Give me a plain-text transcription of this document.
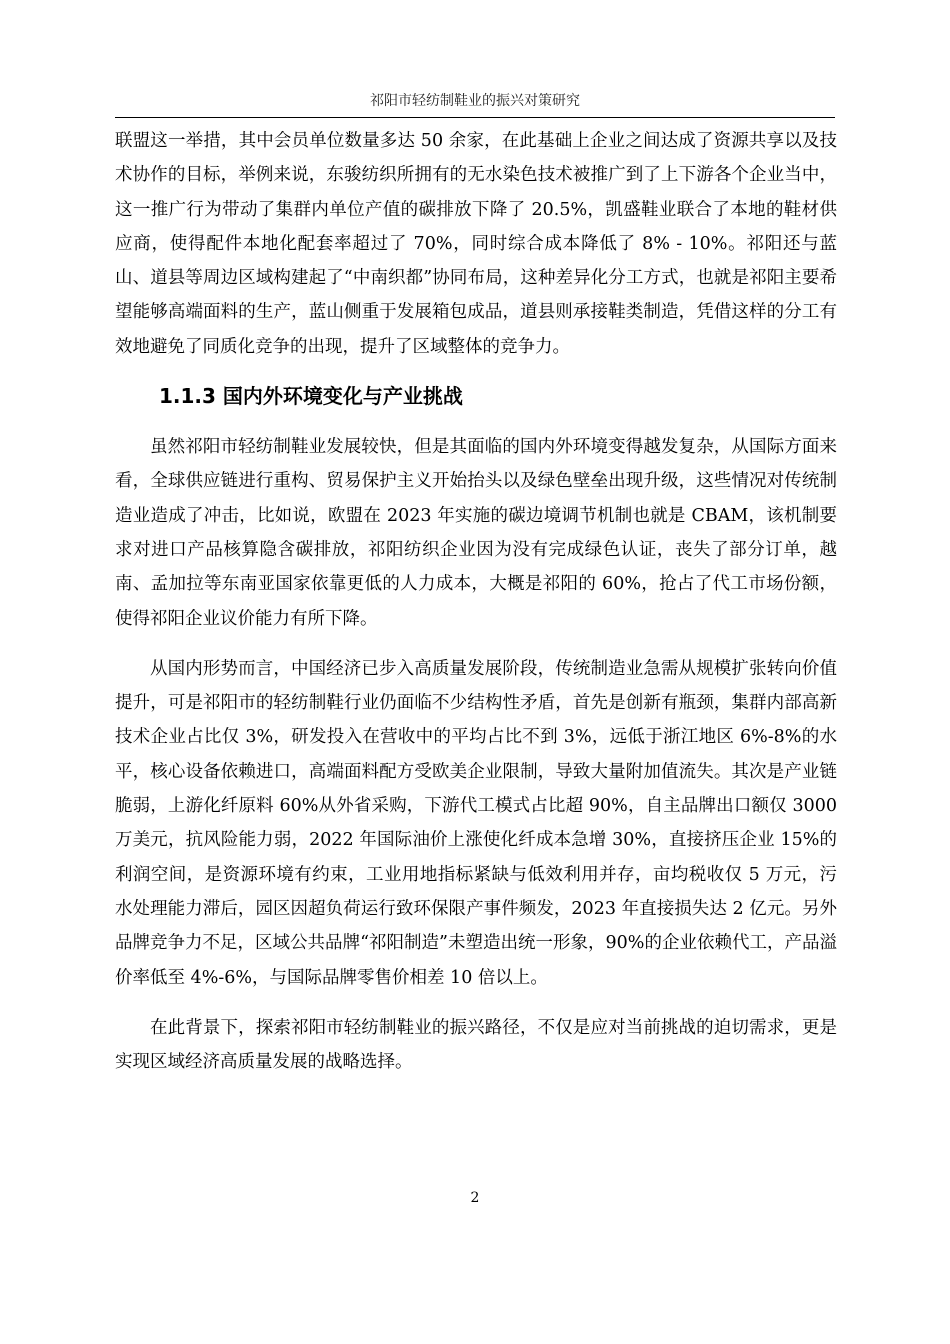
祁阳市轻纺制鞋业的振兴对策研究

联盟这一举措，其中会员单位数量多达 50 余家，在此基础上企业之间达成了资源共享以及技术协作的目标，举例来说，东骏纺织所拥有的无水染色技术被推广到了上下游各个企业当中，这一推广行为带动了集群内单位产值的碳排放下降了 20.5%，凯盛鞋业联合了本地的鞋材供应商，使得配件本地化配套率超过了 70%，同时综合成本降低了 8% - 10%。祁阳还与蓝山、道县等周边区域构建起了“中南织都”协同布局，这种差异化分工方式，也就是祁阳主要希望能够高端面料的生产，蓝山侧重于发展箱包成品，道县则承接鞋类制造，凭借这样的分工有效地避免了同质化竞争的出现，提升了区域整体的竞争力。

1.1.3 国内外环境变化与产业挑战

虽然祁阳市轻纺制鞋业发展较快，但是其面临的国内外环境变得越发复杂，从国际方面来看，全球供应链进行重构、贸易保护主义开始抬头以及绿色壁垒出现升级，这些情况对传统制造业造成了冲击，比如说，欧盟在 2023 年实施的碳边境调节机制也就是 CBAM，该机制要求对进口产品核算隐含碳排放，祁阳纺织企业因为没有完成绿色认证，丧失了部分订单，越南、孟加拉等东南亚国家依靠更低的人力成本，大概是祁阳的 60%，抢占了代工市场份额，使得祁阳企业议价能力有所下降。

从国内形势而言，中国经济已步入高质量发展阶段，传统制造业急需从规模扩张转向价值提升，可是祁阳市的轻纺制鞋行业仍面临不少结构性矛盾，首先是创新有瓶颈，集群内部高新技术企业占比仅 3%，研发投入在营收中的平均占比不到 3%，远低于浙江地区 6%-8%的水平，核心设备依赖进口，高端面料配方受欧美企业限制，导致大量附加值流失。其次是产业链脆弱，上游化纤原料 60%从外省采购，下游代工模式占比超 90%，自主品牌出口额仅 3000 万美元，抗风险能力弱，2022 年国际油价上涨使化纤成本急增 30%，直接挤压企业 15%的利润空间，是资源环境有约束，工业用地指标紧缺与低效利用并存，亩均税收仅 5 万元，污水处理能力滞后，园区因超负荷运行致环保限产事件频发，2023 年直接损失达 2 亿元。另外品牌竞争力不足，区域公共品牌“祁阳制造”未塑造出统一形象，90%的企业依赖代工，产品溢价率低至 4%-6%，与国际品牌零售价相差 10 倍以上。

在此背景下，探索祁阳市轻纺制鞋业的振兴路径，不仅是应对当前挑战的迫切需求，更是实现区域经济高质量发展的战略选择。

2
